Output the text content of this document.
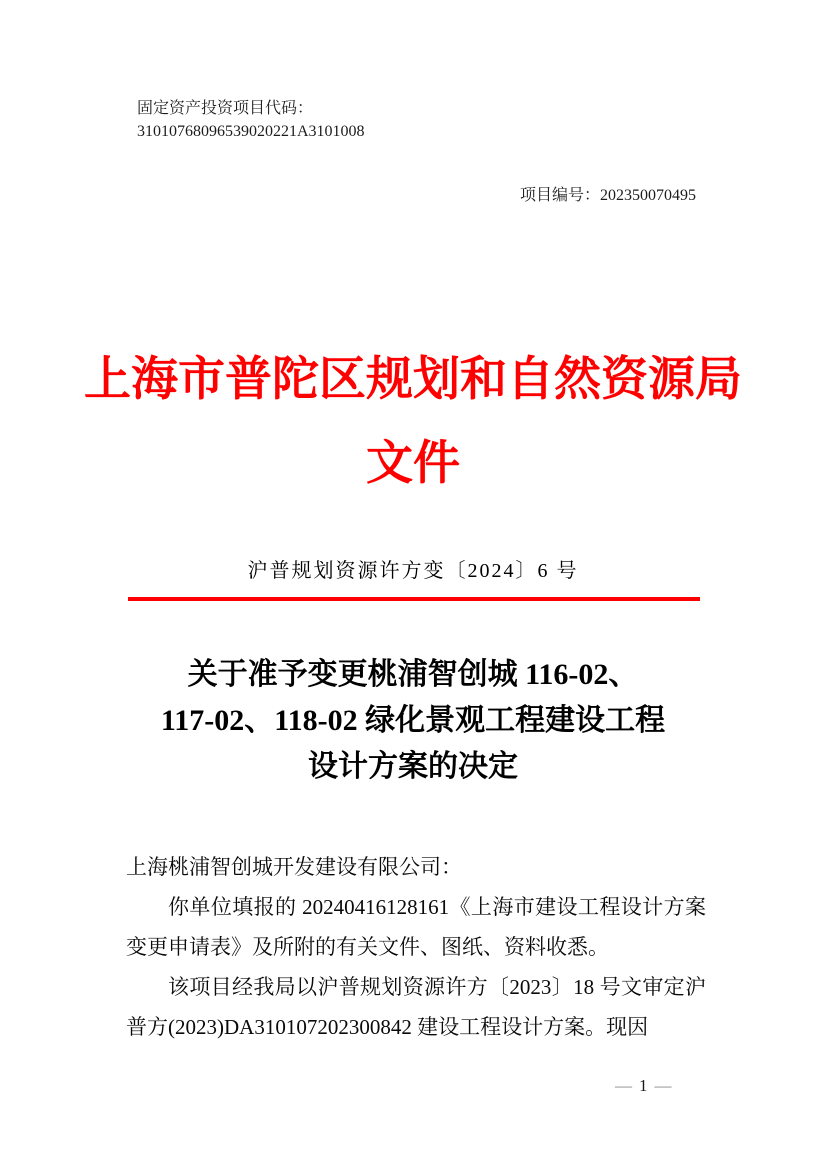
固定资产投资项目代码：
31010768096539020221A3101008
项目编号：202350070495
上海市普陀区规划和自然资源局
文件
沪普规划资源许方变〔2024〕6 号
关于准予变更桃浦智创城 116-02、
117-02、118-02 绿化景观工程建设工程
设计方案的决定

上海桃浦智创城开发建设有限公司：

你单位填报的 20240416128161《上海市建设工程设计方案变更申请表》及所附的有关文件、图纸、资料收悉。

该项目经我局以沪普规划资源许方〔2023〕18 号文审定沪普方(2023)DA310107202300842 建设工程设计方案。现因

— 1 —
